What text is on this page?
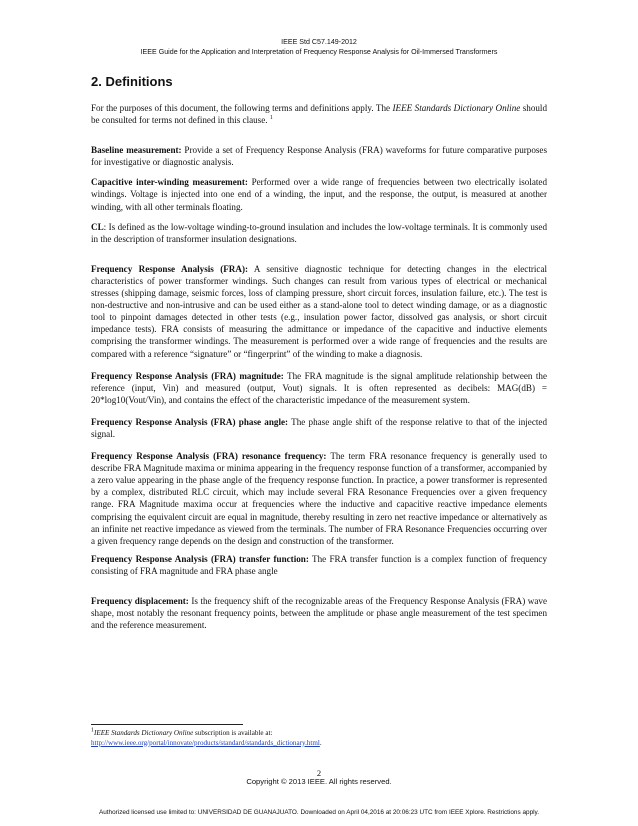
IEEE Std C57.149-2012
IEEE Guide for the Application and Interpretation of Frequency Response Analysis for Oil-Immersed Transformers
2. Definitions

For the purposes of this document, the following terms and definitions apply. The IEEE Standards Dictionary Online should be consulted for terms not defined in this clause. $^1$

Baseline measurement: Provide a set of Frequency Response Analysis (FRA) waveforms for future comparative purposes for investigative or diagnostic analysis.

Capacitive inter-winding measurement: Performed over a wide range of frequencies between two electrically isolated windings. Voltage is injected into one end of a winding, the input, and the response, the output, is measured at another winding, with all other terminals floating.

CL: Is defined as the low-voltage winding-to-ground insulation and includes the low-voltage terminals. It is commonly used in the description of transformer insulation designations.

Frequency Response Analysis (FRA): A sensitive diagnostic technique for detecting changes in the electrical characteristics of power transformer windings. Such changes can result from various types of electrical or mechanical stresses (shipping damage, seismic forces, loss of clamping pressure, short circuit forces, insulation failure, etc.). The test is non-destructive and non-intrusive and can be used either as a stand-alone tool to detect winding damage, or as a diagnostic tool to pinpoint damages detected in other tests (e.g., insulation power factor, dissolved gas analysis, or short circuit impedance tests). FRA consists of measuring the admittance or impedance of the capacitive and inductive elements comprising the transformer windings. The measurement is performed over a wide range of frequencies and the results are compared with a reference “signature” or “fingerprint” of the winding to make a diagnosis.

Frequency Response Analysis (FRA) magnitude: The FRA magnitude is the signal amplitude relationship between the reference (input, Vin) and measured (output, Vout) signals. It is often represented as decibels: MAG(dB) = 20*log10(Vout/Vin), and contains the effect of the characteristic impedance of the measurement system.

Frequency Response Analysis (FRA) phase angle: The phase angle shift of the response relative to that of the injected signal.

Frequency Response Analysis (FRA) resonance frequency: The term FRA resonance frequency is generally used to describe FRA Magnitude maxima or minima appearing in the frequency response function of a transformer, accompanied by a zero value appearing in the phase angle of the frequency response function. In practice, a power transformer is represented by a complex, distributed RLC circuit, which may include several FRA Resonance Frequencies over a given frequency range. FRA Magnitude maxima occur at frequencies where the inductive and capacitive reactive impedance elements comprising the equivalent circuit are equal in magnitude, thereby resulting in zero net reactive impedance or alternatively as an infinite net reactive impedance as viewed from the terminals. The number of FRA Resonance Frequencies occurring over a given frequency range depends on the design and construction of the transformer.

Frequency Response Analysis (FRA) transfer function: The FRA transfer function is a complex function of frequency consisting of FRA magnitude and FRA phase angle

Frequency displacement: Is the frequency shift of the recognizable areas of the Frequency Response Analysis (FRA) wave shape, most notably the resonant frequency points, between the amplitude or phase angle measurement of the test specimen and the reference measurement.

$^1$IEEE Standards Dictionary Online subscription is available at:
http://www.ieee.org/portal/innovate/products/standard/standards_dictionary.html.
2
Copyright © 2013 IEEE. All rights reserved.
Authorized licensed use limited to: UNIVERSIDAD DE GUANAJUATO. Downloaded on April 04,2016 at 20:06:23 UTC from IEEE Xplore. Restrictions apply.
